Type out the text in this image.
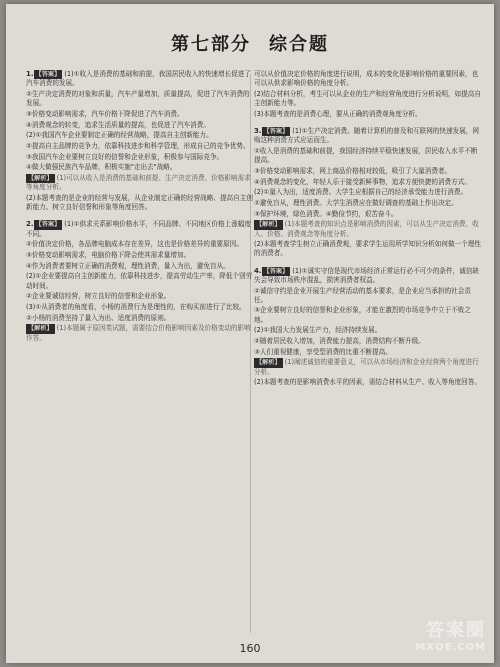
第七部分 综合题

1. 【答案】 (1)①收入是消费的基础和前提，我国居民收入的快速增长促进了汽车消费的发展。

②生产决定消费的对象和质量，汽车产量增加，质量提高，促进了汽车消费的发展。

③价格变动影响需求，汽车价格下降促进了汽车消费。

④消费观念的转变，追求生活质量的提高，也促进了汽车消费。

(2)①我国汽车企业要制定正确的经营战略，提高自主创新能力。

②提高自主品牌的竞争力，依靠科技进步和科学管理，形成自己的竞争优势。

③我国汽车企业要树立良好的信誉和企业形象，积极参与国际竞争。

④做大做强民族汽车品牌，积极实施"走出去"战略。

【解析】 (1)可以从收入是消费的基础和前提、生产决定消费、价格影响需求等角度分析。

(2)本题考查的是企业的经营与发展，从企业制定正确的经营战略、提高自主创新能力、树立良好信誉和形象等角度回答。

2. 【答案】 (1)①供求关系影响价格水平，不同品牌、不同地区价格上涨幅度不同。

②价值决定价格，各品牌电脑成本存在差异，这也是价格差异的重要原因。

③价格变动影响需求，电脑价格下降会使其需求量增加。

④作为消费者要树立正确的消费观，理性消费，量入为出，避免盲从。

(2)①企业要提高自主创新能力，依靠科技进步，提高劳动生产率，降低个别劳动时间。

②企业要诚信经营，树立良好的信誉和企业形象。

(3)①从消费者的角度看，小杨的消费行为是理性的，在购买前进行了比较。

②小杨的消费坚持了量入为出、适度消费的原则。

【解析】 (1)本题属于原因类试题，需要结合价格影响因素及价格变动的影响作答。

可以从价值决定价格的角度进行说明，成本的变化是影响价格的重要因素，也可以从供求影响价格的角度分析。

(2)结合材料分析，考生可以从企业的生产和经营角度进行分析说明，如提高自主创新能力等。

(3)本题考查的是消费心理，要从正确的消费观角度分析。

3. 【答案】 (1)①生产决定消费。随着计算机的普及和互联网的快速发展，网购这种消费方式应运而生。

②收入是消费的基础和前提，我国经济持续平稳快速发展，居民收入水平不断提高。

③价格变动影响需求，网上商品价格相对较低，吸引了大量消费者。

④消费观念的变化，年轻人乐于接受新鲜事物，追求方便快捷的消费方式。

(2)①量入为出，适度消费。大学生应根据自己的经济承受能力进行消费。

②避免盲从，理性消费。大学生消费应在做好调查的基础上作出决定。

③保护环境，绿色消费。④勤俭节约，艰苦奋斗。

【解析】 (1)本题考查的知识点是影响消费的因素，可以从生产决定消费、收入、价格、消费观念等角度分析。

(2)本题考查学生树立正确消费观，要求学生运用所学知识分析如何做一个理性的消费者。

4. 【答案】 (1)①诚实守信是现代市场经济正常运行必不可少的条件，诚信缺失会导致市场秩序混乱，损害消费者权益。

②诚信守约是企业开展生产经营活动的基本要求，是企业应当承担的社会责任。

③企业要树立良好的信誉和企业形象，才能在激烈的市场竞争中立于不败之地。

(2)①我国大力发展生产力，经济持续发展。

②随着居民收入增加，消费能力提高，消费结构不断升级。

③人们重视健康，享受型消费的比重不断提高。

【解析】 (1)阐述诚信的重要意义，可以从市场经济和企业经营两个角度进行分析。

(2)本题考查的是影响消费水平的因素，需结合材料从生产、收入等角度回答。

160
答案圈
MXQE.COM
